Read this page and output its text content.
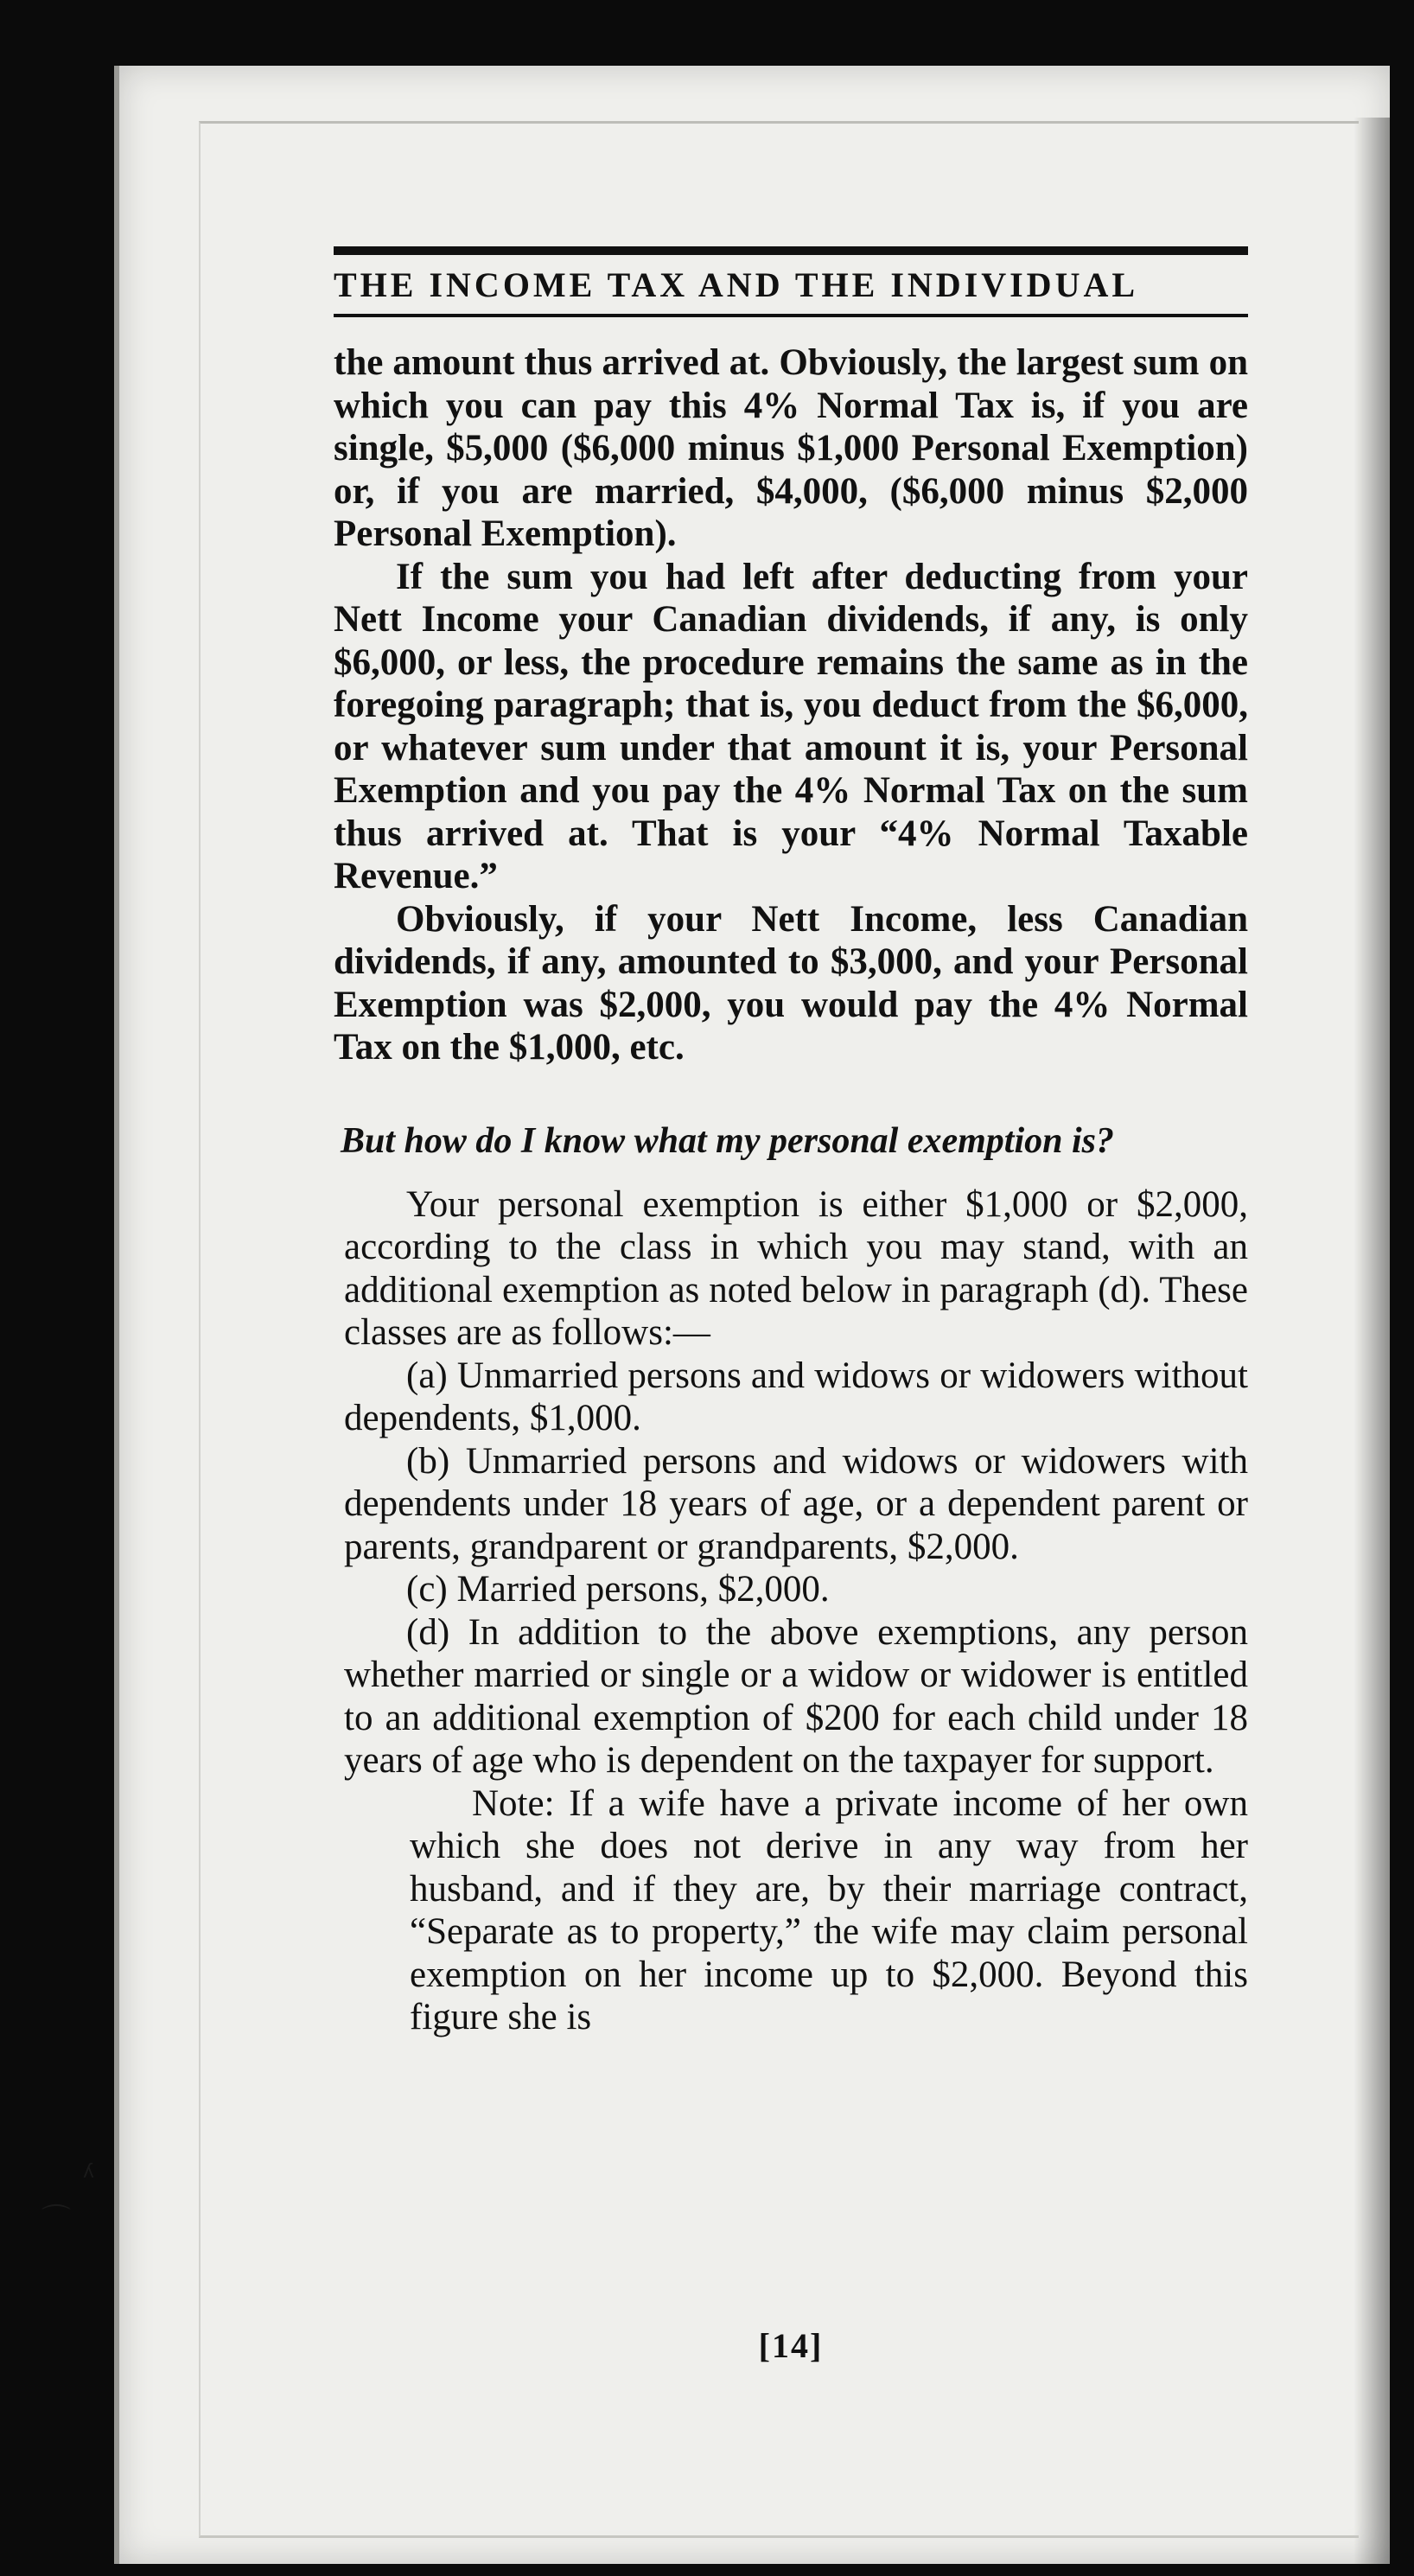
⌒
ʎ
THE INCOME TAX AND THE INDIVIDUAL

the amount thus arrived at. Obviously, the largest sum on which you can pay this 4% Normal Tax is, if you are single, $5,000 ($6,000 minus $1,000 Personal Exemption) or, if you are married, $4,000, ($6,000 minus $2,000 Personal Exemption).

If the sum you had left after deducting from your Nett Income your Canadian dividends, if any, is only $6,000, or less, the procedure remains the same as in the foregoing paragraph; that is, you deduct from the $6,000, or whatever sum under that amount it is, your Personal Exemption and you pay the 4% Normal Tax on the sum thus arrived at. That is your “4% Normal Taxable Revenue.”

Obviously, if your Nett Income, less Canadian dividends, if any, amounted to $3,000, and your Personal Exemption was $2,000, you would pay the 4% Normal Tax on the $1,000, etc.

But how do I know what my personal exemption is?

Your personal exemption is either $1,000 or $2,000, according to the class in which you may stand, with an additional exemption as noted below in paragraph (d). These classes are as follows:—

(a) Unmarried persons and widows or widowers without dependents, $1,000.

(b) Unmarried persons and widows or widowers with dependents under 18 years of age, or a dependent parent or parents, grandparent or grandparents, $2,000.

(c) Married persons, $2,000.

(d) In addition to the above exemptions, any person whether married or single or a widow or widower is entitled to an additional exemption of $200 for each child under 18 years of age who is dependent on the taxpayer for support.

Note: If a wife have a private income of her own which she does not derive in any way from her husband, and if they are, by their marriage contract, “Separate as to property,” the wife may claim personal exemption on her income up to $2,000. Beyond this figure she is

[14]
